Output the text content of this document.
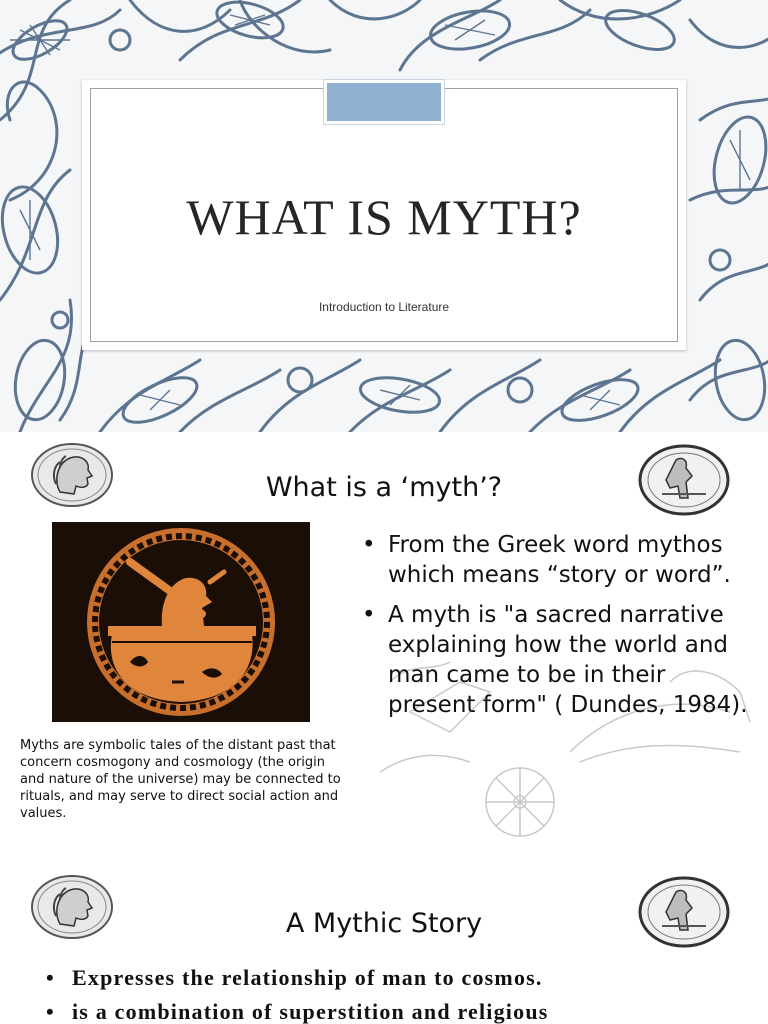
WHAT IS MYTH?
Introduction to Literature
What is a ‘myth’?
Myths are symbolic tales of the distant past that concern cosmogony and cosmology (the origin and nature of the universe) may be connected to rituals, and may serve to direct social action and values.
• From the Greek word mythos which means “story or word”.
• A myth is "a sacred narrative explaining how the world and man came to be in their present form" ( Dundes, 1984).
A Mythic Story
• Expresses the relationship of man to cosmos.
• is a combination of superstition and religious
